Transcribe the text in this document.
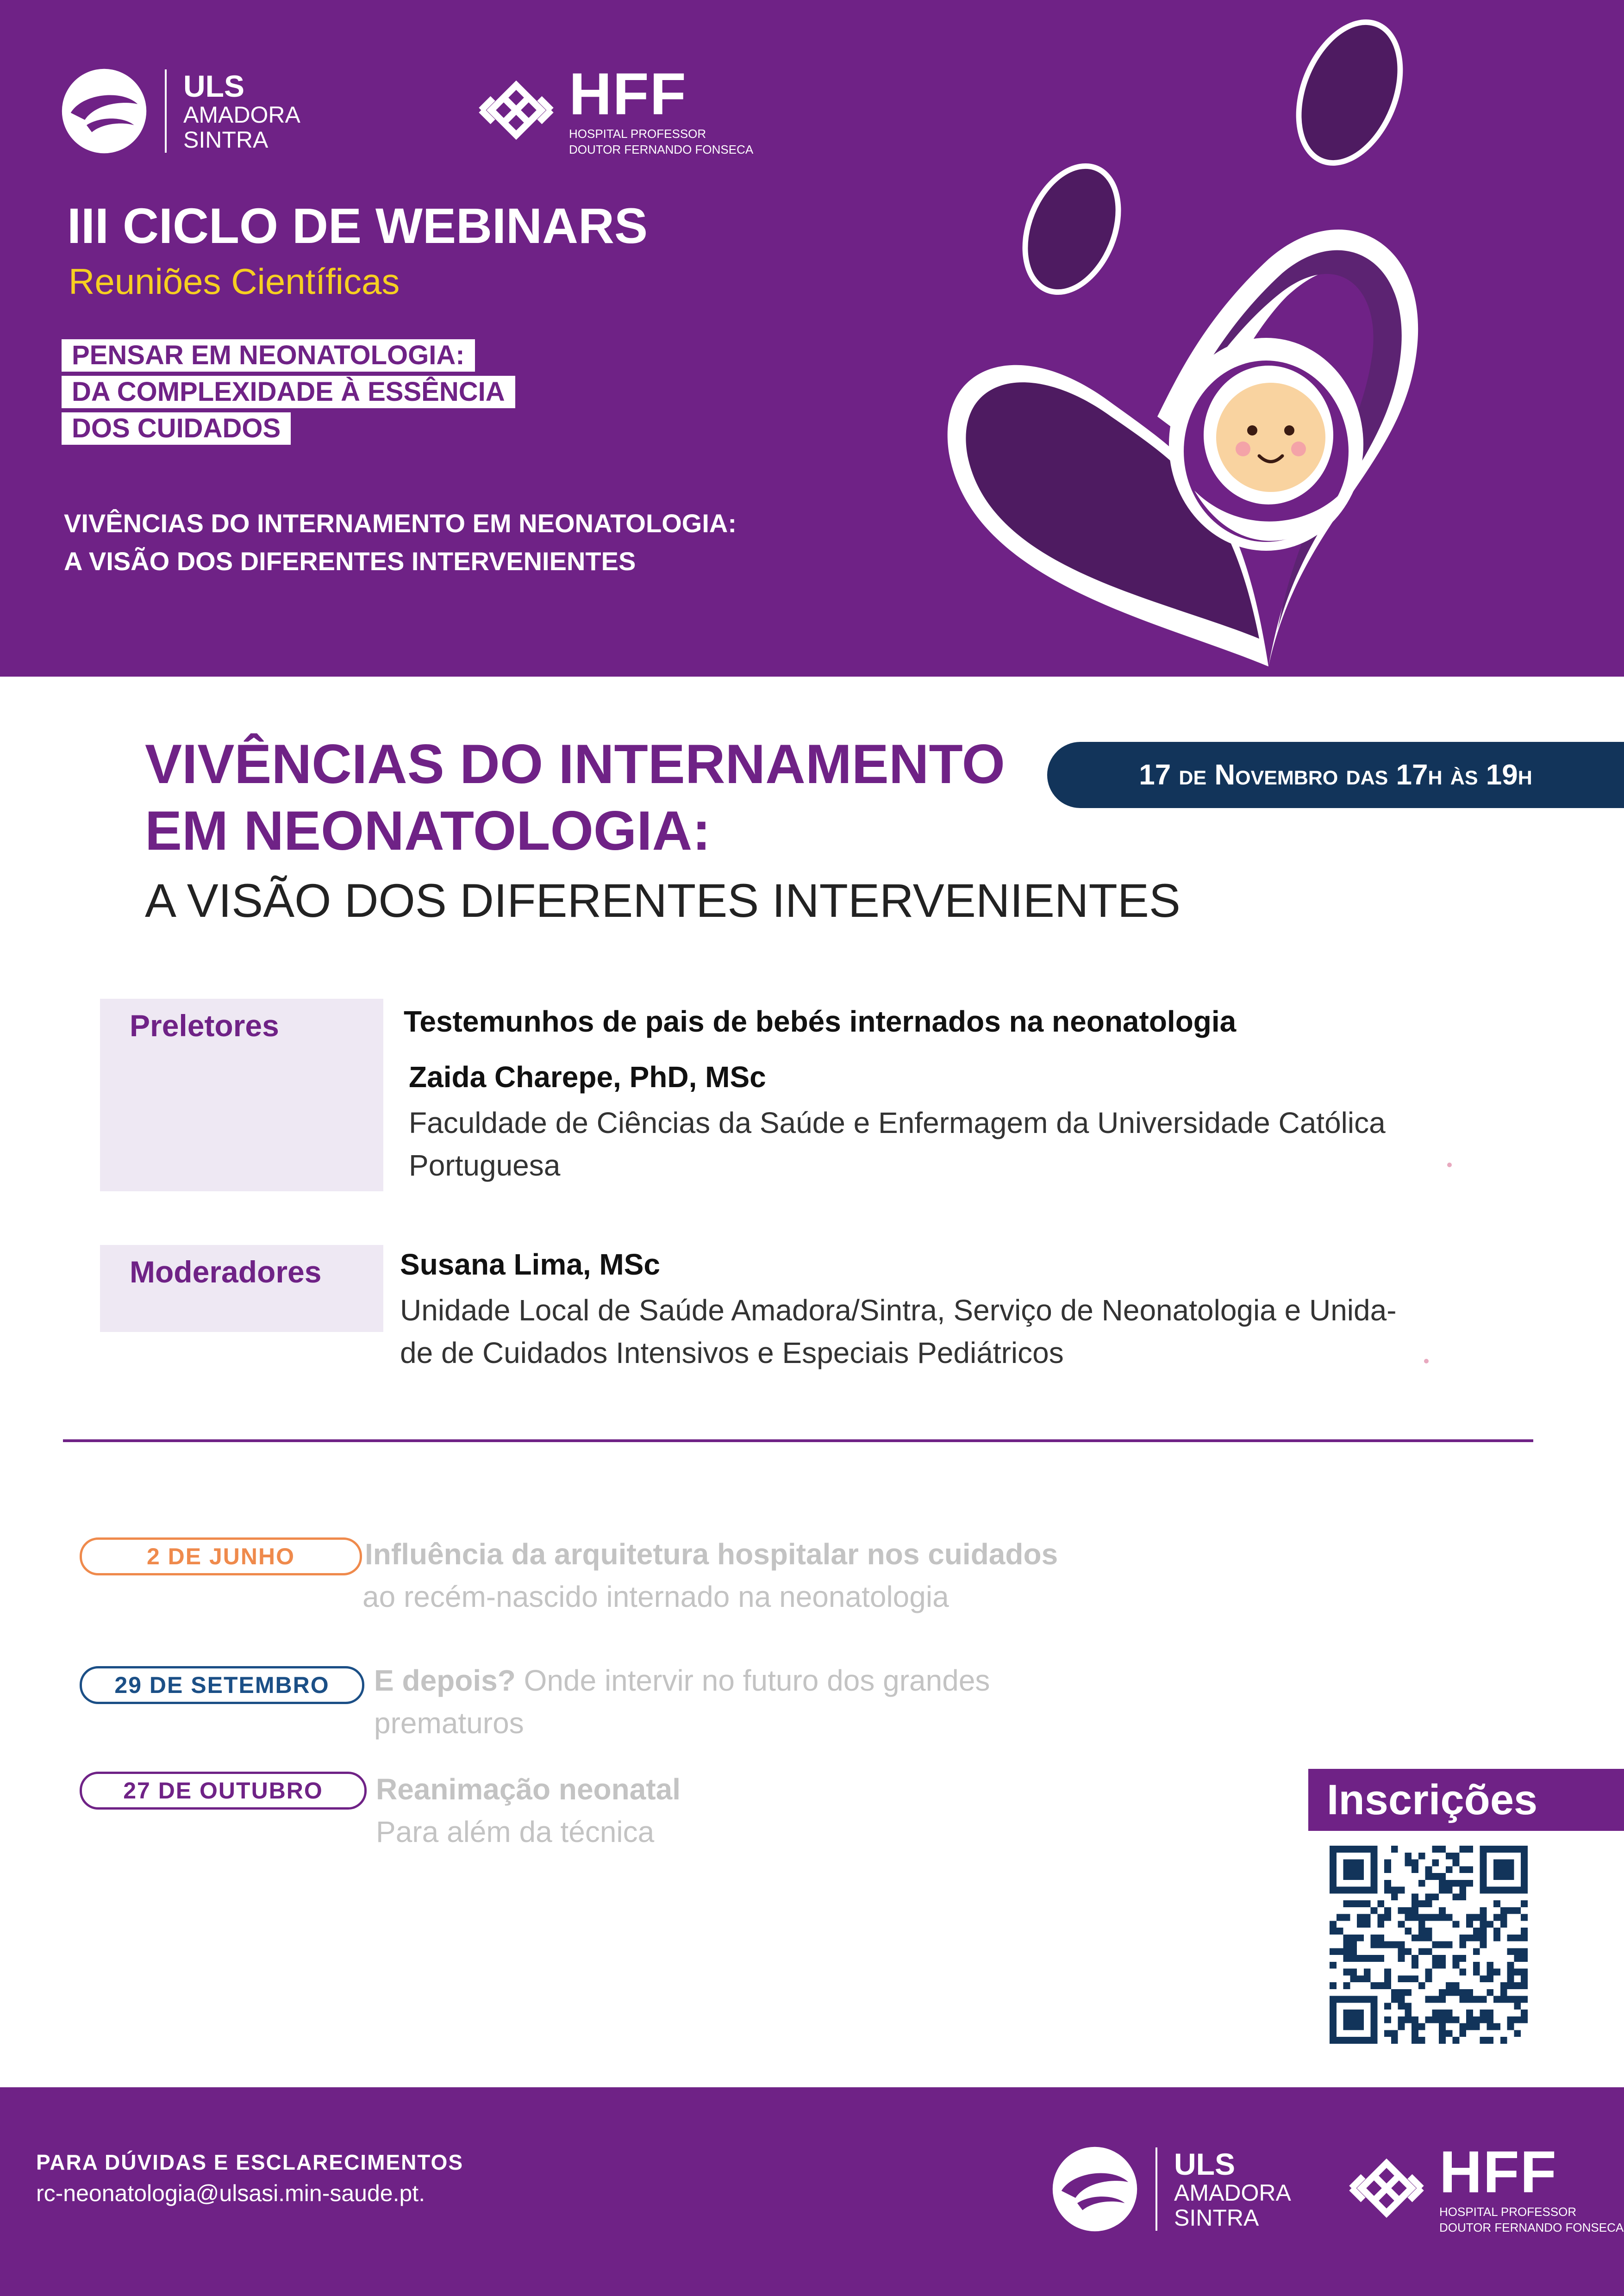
ULS
AMADORA
SINTRA
HFF
HOSPITAL PROFESSOR
DOUTOR FERNANDO FONSECA
III CICLO DE WEBINARS
Reuniões Científicas
PENSAR EM NEONATOLOGIA:
DA COMPLEXIDADE À ESSÊNCIA
DOS CUIDADOS
VIVÊNCIAS DO INTERNAMENTO EM NEONATOLOGIA:
A VISÃO DOS DIFERENTES INTERVENIENTES
VIVÊNCIAS DO INTERNAMENTO
EM NEONATOLOGIA:
A VISÃO DOS DIFERENTES INTERVENIENTES
17 de Novembro das 17h às 19h
Preletores	Testemunhos de pais de bebés internados na neonatologia
Zaida Charepe, PhD, MSc
Faculdade de Ciências da Saúde e Enfermagem da Universidade Católica Portuguesa
Moderadores	Susana Lima, MSc
Unidade Local de Saúde Amadora/Sintra, Serviço de Neonatologia e Unida-
de de Cuidados Intensivos e Especiais Pediátricos
2 DE JUNHO	Influência da arquitetura hospitalar nos cuidados
ao recém-nascido internado na neonatologia
29 DE SETEMBRO	E depois? Onde intervir no futuro dos grandes
prematuros
27 DE OUTUBRO	Reanimação neonatal
Para além da técnica
Inscrições
PARA DÚVIDAS E ESCLARECIMENTOS
rc-neonatologia@ulsasi.min-saude.pt.
ULS
AMADORA
SINTRA
HFF
HOSPITAL PROFESSOR
DOUTOR FERNANDO FONSECA
